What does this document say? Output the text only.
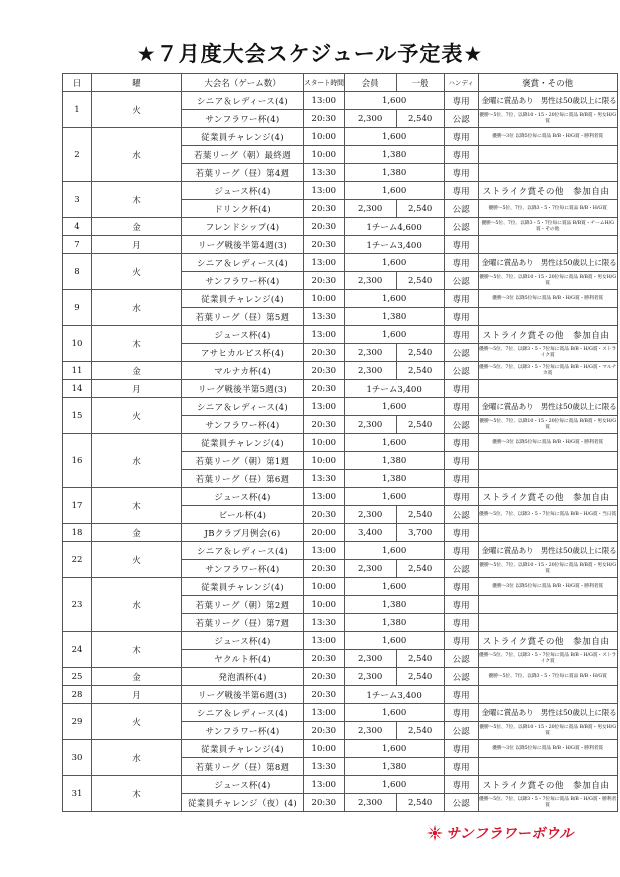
★７月度大会スケジュール予定表★
日	曜	大会名（ゲーム数）	スタート時間	会員	一般	ハンディ	褒賞・その他
1	火	シニア＆レディース(4)	13:00	1,600		専用	金曜に賞品あり　男性は50歳以上に限る
		サンフラワー杯(4)	20:30	2,300	2,540	公認	優勝～5位、7位、以降10・15・20位毎に賞品 B/B賞・男女H/G賞
2	水	従業員チャレンジ(4)	10:00	1,600		専用	優勝～3位 以降5位毎に賞品 B/B・H/G賞・勝利者賞
		若葉リーグ（朝）最終週	10:00	1,380		専用	
		若葉リーグ（昼）第4週	13:30	1,380		専用	
3	木	ジュース杯(4)	13:00	1,600		専用	ストライク賞その他　参加自由
		ドリンク杯(4)	20:30	2,300	2,540	公認	優勝～5位、7位、以降3・5・7位毎に賞品 B/B・H/G賞
4	金	フレンドシップ(4)	20:30	1チーム4,600		公認	優勝～5位、7位、以降3・5・7位毎に賞品 B/B賞・チームH/G賞・その他
7	月	リーグ戦後半第4週(3)	20:30	1チーム3,400		専用	
8	火	シニア＆レディース(4)	13:00	1,600		専用	金曜に賞品あり　男性は50歳以上に限る
		サンフラワー杯(4)	20:30	2,300	2,540	公認	優勝～5位、7位、以降10・15・20位毎に賞品 B/B賞・男女H/G賞
9	水	従業員チャレンジ(4)	10:00	1,600		専用	優勝～3位 以降5位毎に賞品 B/B・H/G賞・勝利者賞
		若葉リーグ（昼）第5週	13:30	1,380		専用	
10	木	ジュース杯(4)	13:00	1,600		専用	ストライク賞その他　参加自由
		アサヒカルピス杯(4)	20:30	2,300	2,540	公認	優勝～5位、7位、以降3・5・7位毎に賞品 B/B・H/G賞・ストライク賞
11	金	マルナカ杯(4)	20:30	2,300	2,540	公認	優勝～5位、7位、以降3・5・7位毎に賞品 B/B・H/G賞・マルナカ賞
14	月	リーグ戦後半第5週(3)	20:30	1チーム3,400		専用	
15	火	シニア＆レディース(4)	13:00	1,600		専用	金曜に賞品あり　男性は50歳以上に限る
		サンフラワー杯(4)	20:30	2,300	2,540	公認	優勝～5位、7位、以降10・15・20位毎に賞品 B/B賞・男女H/G賞
16	水	従業員チャレンジ(4)	10:00	1,600		専用	優勝～3位 以降5位毎に賞品 B/B・H/G賞・勝利者賞
		若葉リーグ（朝）第1週	10:00	1,380		専用	
		若葉リーグ（昼）第6週	13:30	1,380		専用	
17	木	ジュース杯(4)	13:00	1,600		専用	ストライク賞その他　参加自由
		ビール杯(4)	20:30	2,300	2,540	公認	優勝～5位、7位、以降3・5・7位毎に賞品 B/B・H/G賞・当日賞
18	金	JBクラブ月例会(6)	20:00	3,400	3,700	専用	
22	火	シニア＆レディース(4)	13:00	1,600		専用	金曜に賞品あり　男性は50歳以上に限る
		サンフラワー杯(4)	20:30	2,300	2,540	公認	優勝～5位、7位、以降10・15・20位毎に賞品 B/B賞・男女H/G賞
23	水	従業員チャレンジ(4)	10:00	1,600		専用	優勝～3位 以降5位毎に賞品 B/B・H/G賞・勝利者賞
		若葉リーグ（朝）第2週	10:00	1,380		専用	
		若葉リーグ（昼）第7週	13:30	1,380		専用	
24	木	ジュース杯(4)	13:00	1,600		専用	ストライク賞その他　参加自由
		ヤクルト杯(4)	20:30	2,300	2,540	公認	優勝～5位、7位、以降3・5・7位毎に賞品 B/B・H/G賞・ストライク賞
25	金	発泡酒杯(4)	20:30	2,300	2,540	公認	優勝～5位、7位、以降3・5・7位毎に賞品 B/B・H/G賞
28	月	リーグ戦後半第6週(3)	20:30	1チーム3,400		専用	
29	火	シニア＆レディース(4)	13:00	1,600		専用	金曜に賞品あり　男性は50歳以上に限る
		サンフラワー杯(4)	20:30	2,300	2,540	公認	優勝～5位、7位、以降10・15・20位毎に賞品 B/B賞・男女H/G賞
30	水	従業員チャレンジ(4)	10:00	1,600		専用	優勝～3位 以降5位毎に賞品 B/B・H/G賞・勝利者賞
		若葉リーグ（昼）第8週	13:30	1,380		専用	
31	木	ジュース杯(4)	13:00	1,600		専用	ストライク賞その他　参加自由
		従業員チャレンジ（夜）(4)	20:30	2,300	2,540	公認	優勝～5位、7位、以降3・5・7位毎に賞品 B/B・H/G賞・勝利者賞
サンフラワーボウル
